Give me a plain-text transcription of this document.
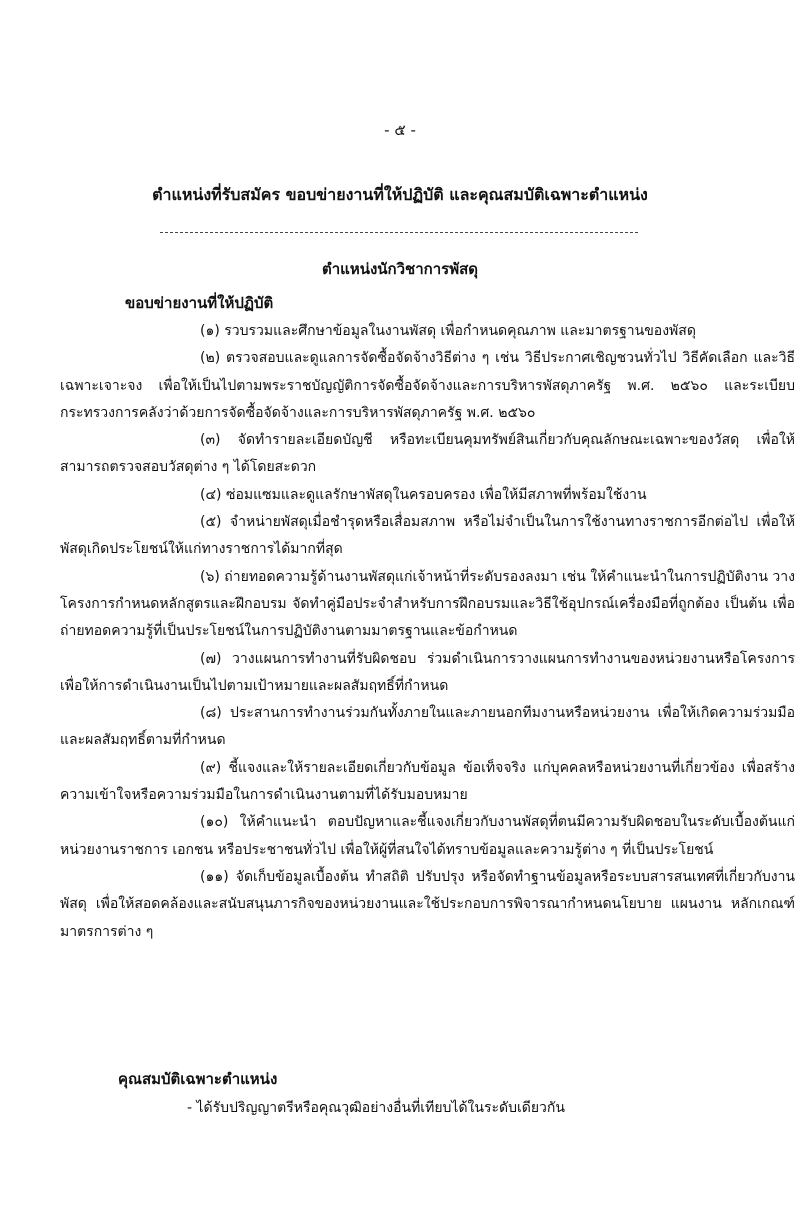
- ๕ -
ตำแหน่งที่รับสมัคร ขอบข่ายงานที่ให้ปฏิบัติ และคุณสมบัติเฉพาะตำแหน่ง
ตำแหน่งนักวิชาการพัสดุ
ขอบข่ายงานที่ให้ปฏิบัติ

(๑) รวบรวมและศึกษาข้อมูลในงานพัสดุ เพื่อกำหนดคุณภาพ และมาตรฐานของพัสดุ

(๒) ตรวจสอบและดูแลการจัดซื้อจัดจ้างวิธีต่าง ๆ เช่น วิธีประกาศเชิญชวนทั่วไป วิธีคัดเลือก และวิธีเฉพาะเจาะจง เพื่อให้เป็นไปตามพระราชบัญญัติการจัดซื้อจัดจ้างและการบริหารพัสดุภาครัฐ พ.ศ. ๒๕๖๐ และระเบียบกระทรวงการคลังว่าด้วยการจัดซื้อจัดจ้างและการบริหารพัสดุภาครัฐ พ.ศ. ๒๕๖๐

(๓) จัดทำรายละเอียดบัญชี หรือทะเบียนคุมทรัพย์สินเกี่ยวกับคุณลักษณะเฉพาะของวัสดุ เพื่อให้สามารถตรวจสอบวัสดุต่าง ๆ ได้โดยสะดวก

(๔) ซ่อมแซมและดูแลรักษาพัสดุในครอบครอง เพื่อให้มีสภาพที่พร้อมใช้งาน

(๕) จำหน่ายพัสดุเมื่อชำรุดหรือเสื่อมสภาพ หรือไม่จำเป็นในการใช้งานทางราชการอีกต่อไป เพื่อให้พัสดุเกิดประโยชน์ให้แก่ทางราชการได้มากที่สุด

(๖) ถ่ายทอดความรู้ด้านงานพัสดุแก่เจ้าหน้าที่ระดับรองลงมา เช่น ให้คำแนะนำในการปฏิบัติงาน วางโครงการกำหนดหลักสูตรและฝึกอบรม จัดทำคู่มือประจำสำหรับการฝึกอบรมและวิธีใช้อุปกรณ์เครื่องมือที่ถูกต้อง เป็นต้น เพื่อถ่ายทอดความรู้ที่เป็นประโยชน์ในการปฏิบัติงานตามมาตรฐานและข้อกำหนด

(๗) วางแผนการทำงานที่รับผิดชอบ ร่วมดำเนินการวางแผนการทำงานของหน่วยงานหรือโครงการ เพื่อให้การดำเนินงานเป็นไปตามเป้าหมายและผลสัมฤทธิ์ที่กำหนด

(๘) ประสานการทำงานร่วมกันทั้งภายในและภายนอกทีมงานหรือหน่วยงาน เพื่อให้เกิดความร่วมมือและผลสัมฤทธิ์ตามที่กำหนด

(๙) ชี้แจงและให้รายละเอียดเกี่ยวกับข้อมูล ข้อเท็จจริง แก่บุคคลหรือหน่วยงานที่เกี่ยวข้อง เพื่อสร้างความเข้าใจหรือความร่วมมือในการดำเนินงานตามที่ได้รับมอบหมาย

(๑๐) ให้คำแนะนำ ตอบปัญหาและชี้แจงเกี่ยวกับงานพัสดุที่ตนมีความรับผิดชอบในระดับเบื้องต้นแก่หน่วยงานราชการ เอกชน หรือประชาชนทั่วไป เพื่อให้ผู้ที่สนใจได้ทราบข้อมูลและความรู้ต่าง ๆ ที่เป็นประโยชน์

(๑๑) จัดเก็บข้อมูลเบื้องต้น ทำสถิติ ปรับปรุง หรือจัดทำฐานข้อมูลหรือระบบสารสนเทศที่เกี่ยวกับงานพัสดุ เพื่อให้สอดคล้องและสนับสนุนภารกิจของหน่วยงานและใช้ประกอบการพิจารณากำหนดนโยบาย แผนงาน หลักเกณฑ์ มาตรการต่าง ๆ

คุณสมบัติเฉพาะตำแหน่ง
- ได้รับปริญญาตรีหรือคุณวุฒิอย่างอื่นที่เทียบได้ในระดับเดียวกัน
